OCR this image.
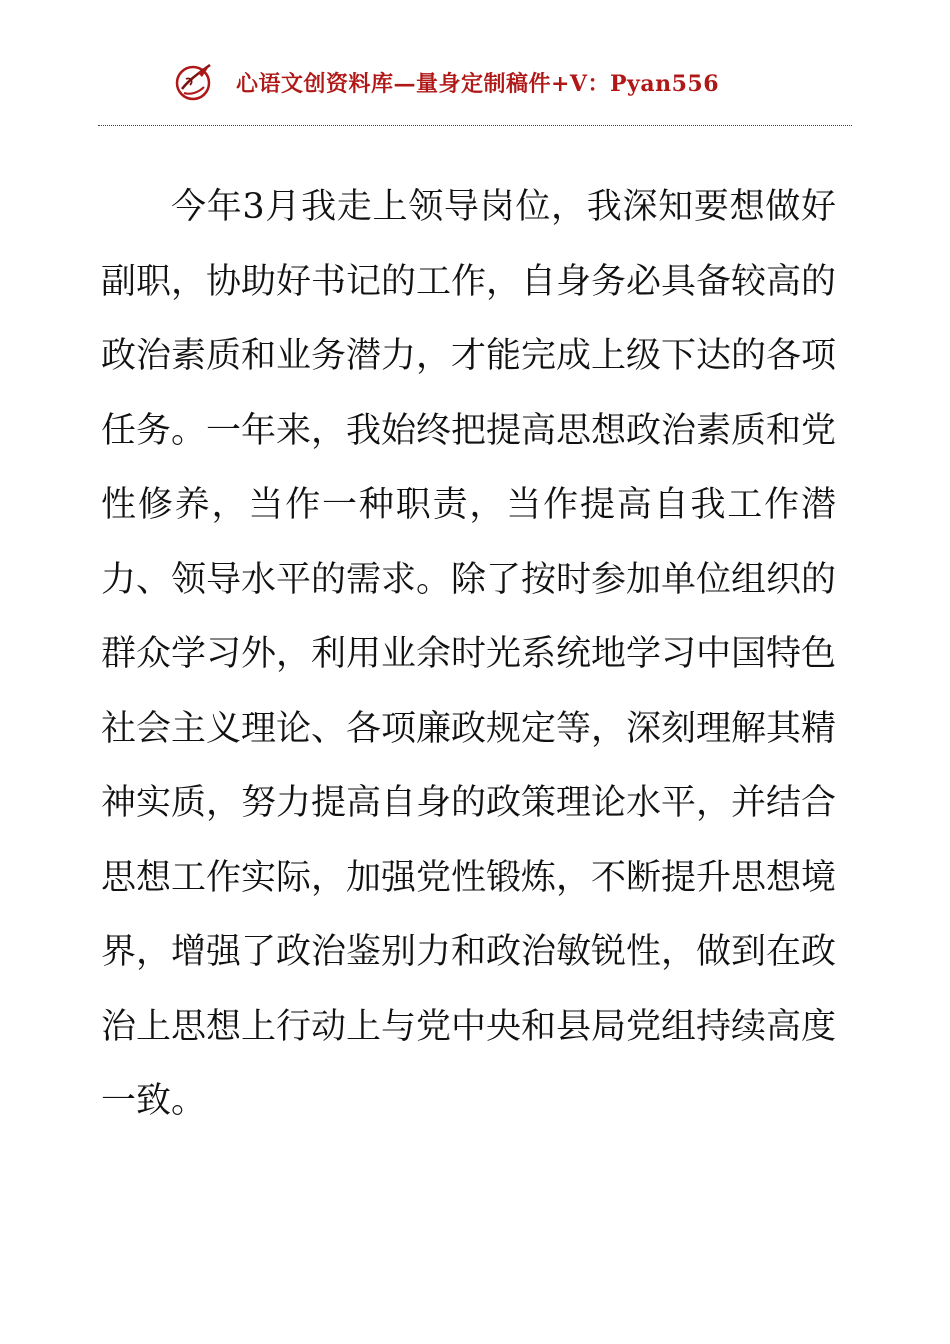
心语文创资料库—量身定制稿件+V：Pyan556

今年3月我走上领导岗位，我深知要想做好副职，协助好书记的工作，自身务必具备较高的政治素质和业务潜力，才能完成上级下达的各项任务。一年来，我始终把提高思想政治素质和党性修养，当作一种职责，当作提高自我工作潜力、领导水平的需求。除了按时参加单位组织的群众学习外，利用业余时光系统地学习中国特色社会主义理论、各项廉政规定等，深刻理解其精神实质，努力提高自身的政策理论水平，并结合思想工作实际，加强党性锻炼，不断提升思想境界，增强了政治鉴别力和政治敏锐性，做到在政治上思想上行动上与党中央和县局党组持续高度一致。
